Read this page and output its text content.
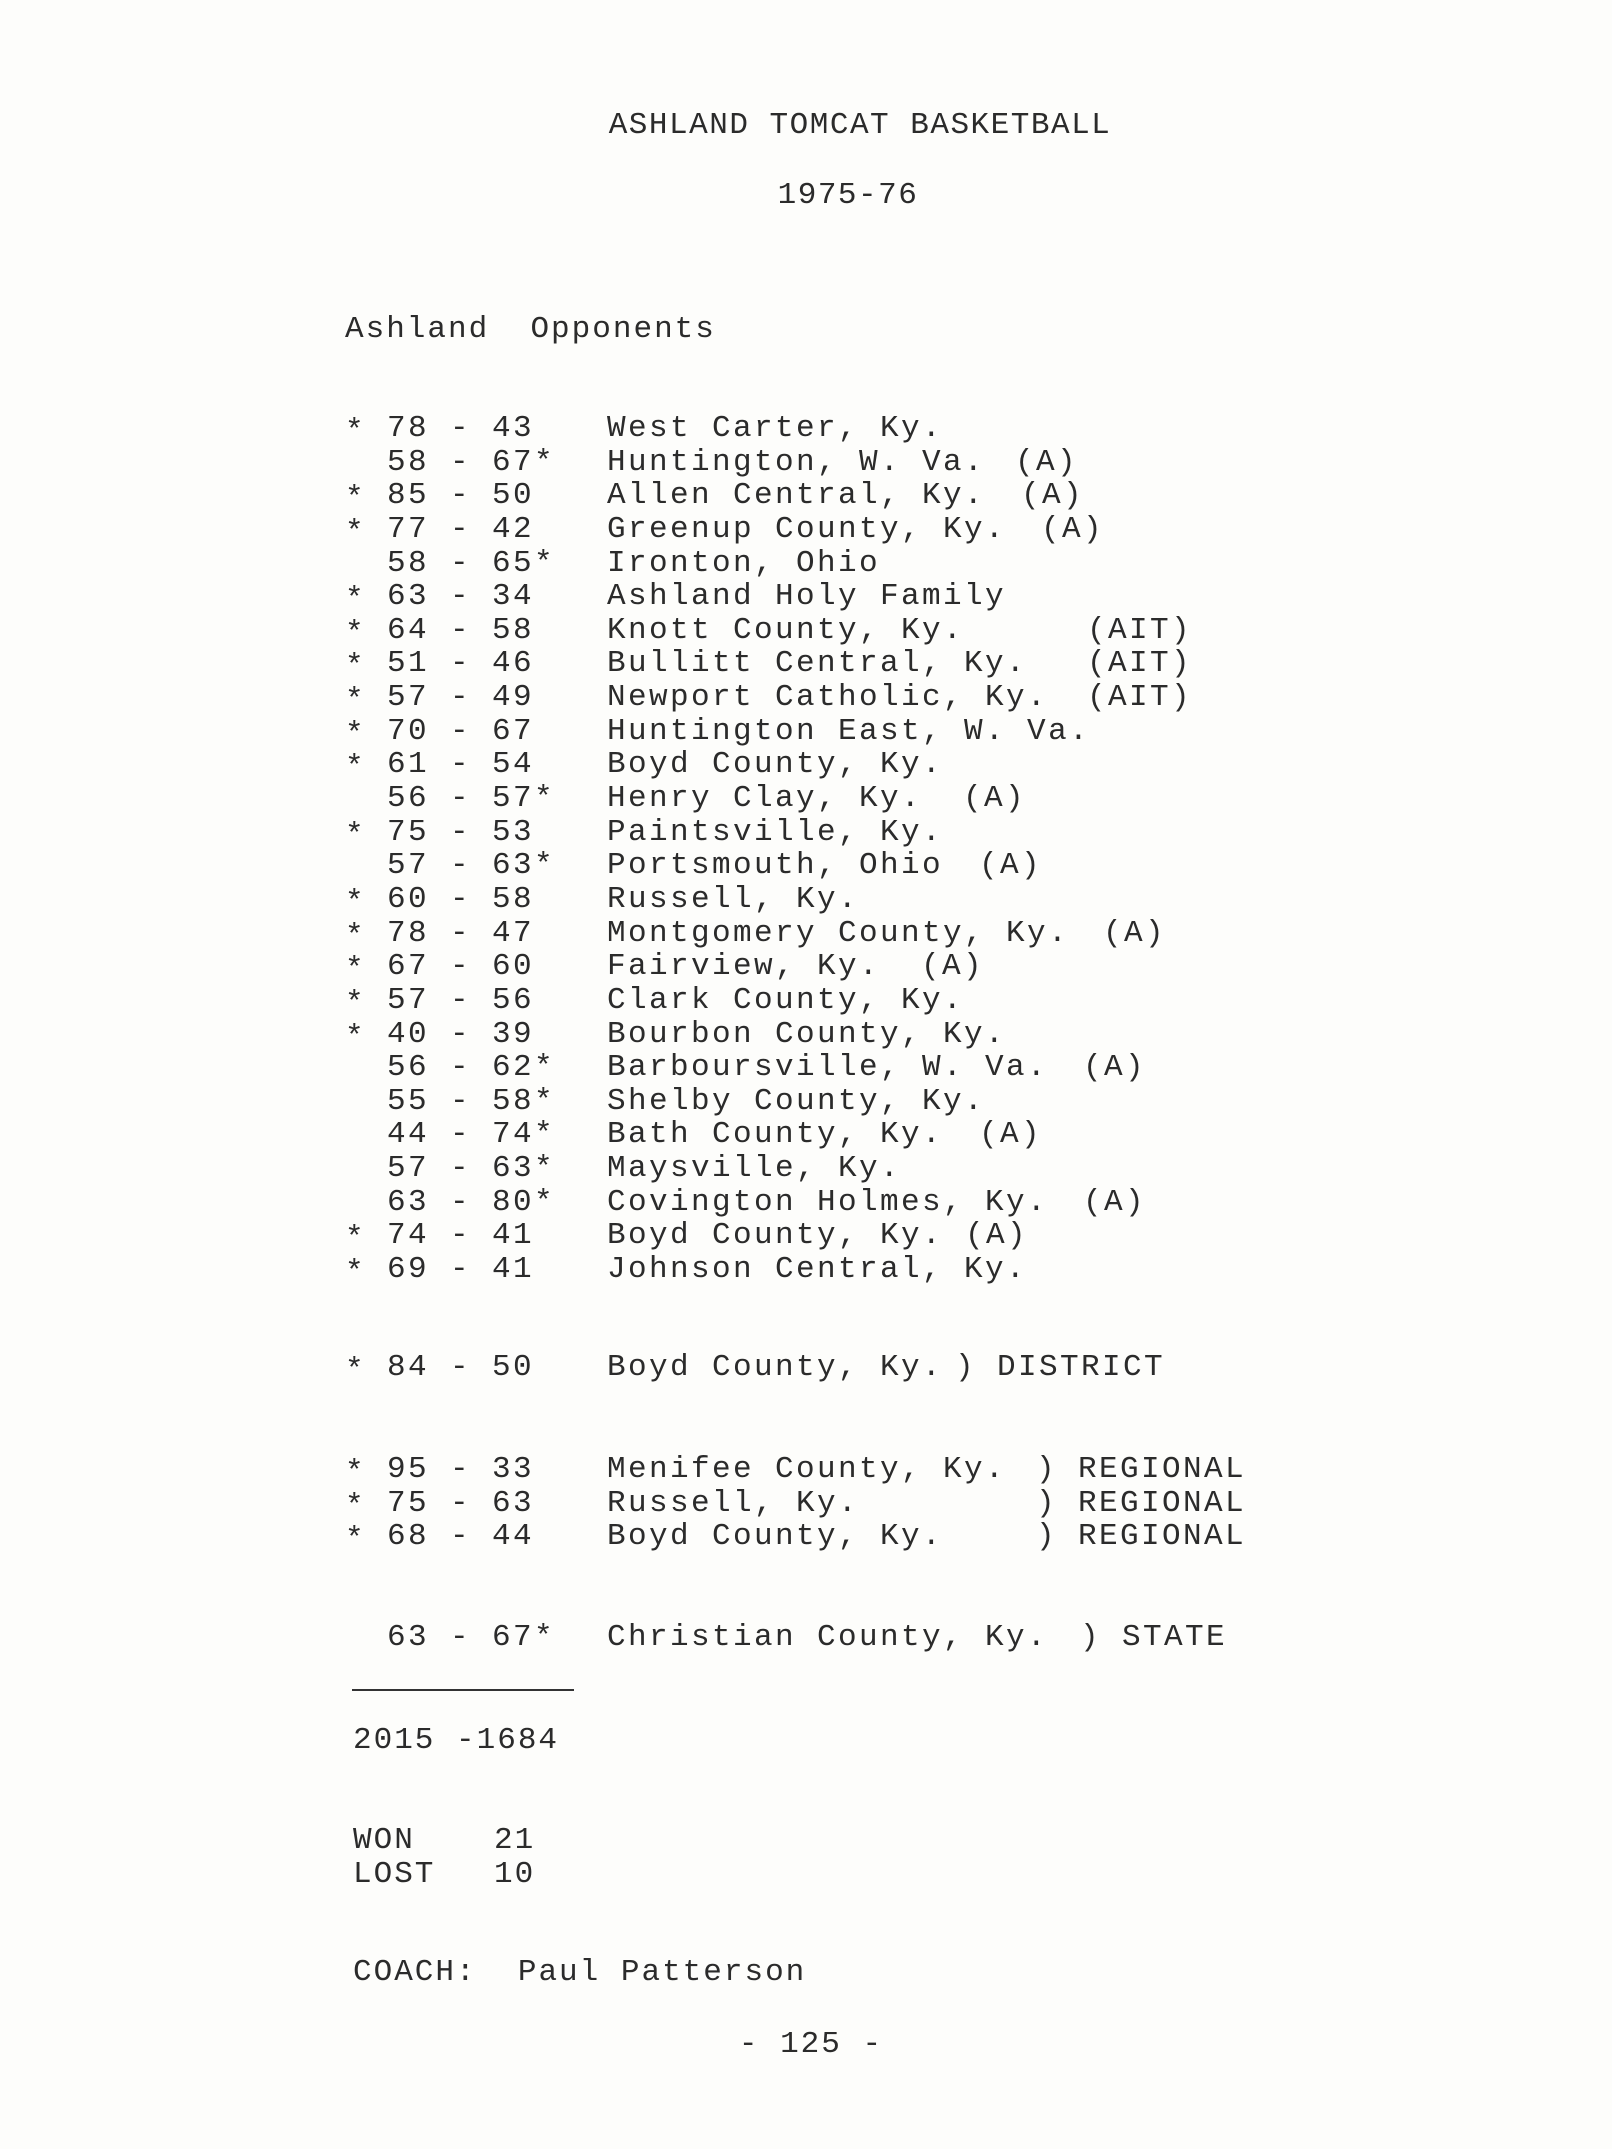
ASHLAND TOMCAT BASKETBALL
1975-76
Ashland Opponents
* 78 - 43 West Carter, Ky.
58 - 67* Huntington, W. Va. (A)
* 85 - 50 Allen Central, Ky. (A)
* 77 - 42 Greenup County, Ky. (A)
58 - 65* Ironton, Ohio
* 63 - 34 Ashland Holy Family
* 64 - 58 Knott County, Ky.	(AIT)
* 51 - 46 Bullitt Central, Ky. (AIT)
* 57 - 49 Newport Catholic, Ky. (AIT)
* 70 - 67 Huntington East, W. Va.
* 61 - 54 Boyd County, Ky.
56 - 57* Henry Clay, Ky. (A)
* 75 - 53 Paintsville, Ky.
57 - 63* Portsmouth, Ohio (A)
* 60 - 58 Russell, Ky.
* 78 - 47 Montgomery County, Ky. (A)
* 67 - 60 Fairview, Ky. (A)
* 57 - 56 Clark County, Ky.
* 40 - 39 Bourbon County, Ky.
56 - 62* Barboursville, W. Va. (A)
55 - 58* Shelby County, Ky.
44 - 74* Bath County, Ky. (A)
57 - 63* Maysville, Ky.
63 - 80* Covington Holmes, Ky. (A)
* 74 - 41 Boyd County, Ky. (A)
* 69 - 41 Johnson Central, Ky.
* 84 - 50 Boyd County, Ky. ) DISTRICT
* 95 - 33 Menifee County, Ky. ) REGIONAL
* 75 - 63 Russell, Ky.	) REGIONAL
* 68 - 44 Boyd County, Ky.	) REGIONAL
63 - 67* Christian County, Ky. ) STATE
2015 -1684
WON	21
LOST 10
COACH: Paul Patterson
- 125 -
